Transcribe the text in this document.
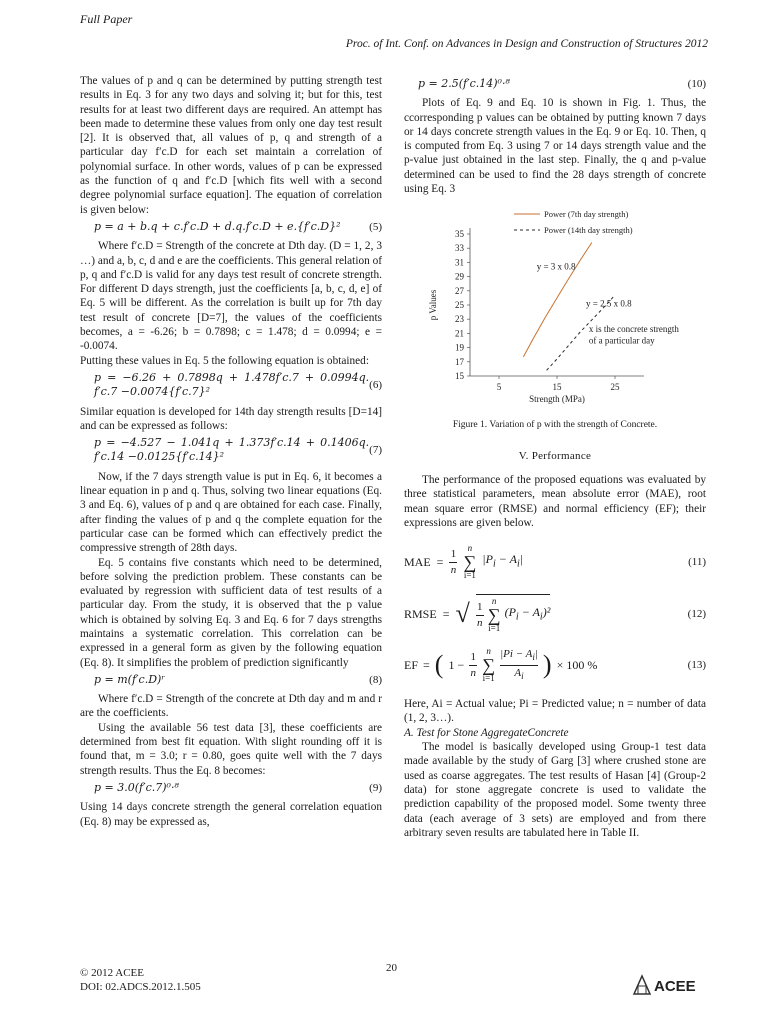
Full Paper
Proc. of Int. Conf. on Advances in Design and Construction of Structures 2012

The values of p and q can be determined by putting strength test results in Eq. 3 for any two days and solving it; but for this, test results for at least two different days are required. An attempt has been made to determine these values from only one day test result [2]. It is observed that, all values of p, q and strength of a particular day f′c.D for each set maintain a correlation of polynomial surface. In other words, values of p can be expressed as the function of q and f′c.D [which fits well with a second degree polynomial surface equation]. The equation of correlation is given below:

p = a + b.q + c.f′c.D + d.q.f′c.D + e.{f′c.D}²	(5)

Where f′c.D = Strength of the concrete at Dth day. (D = 1, 2, 3 …) and a, b, c, d and e are the coefficients. This general relation of p, q and f′c.D is valid for any days test result of concrete strength. For different D days strength, just the coefficients [a, b, c, d, e] of Eq. 5 will be different. As the correlation is built up for 7th day test result of concrete [D=7], the values of the coefficients becomes, a = -6.26; b = 0.7898; c = 1.478; d = 0.0994; e = -0.0074.

Putting these values in Eq. 5 the following equation is obtained:

p = −6.26 + 0.7898q + 1.478f′c.7 + 0.0994q. f′c.7 −0.0074{f′c.7}²
(6)

Similar equation is developed for 14th day strength results [D=14] and can be expressed as follows:

p = −4.527 − 1.041q + 1.373f′c.14 + 0.1406q. f′c.14 −0.0125{f′c.14}²
(7)

Now, if the 7 days strength value is put in Eq. 6, it becomes a linear equation in p and q. Thus, solving two linear equations (Eq. 3 and Eq. 6), values of p and q are obtained for each case. Finally, after finding the values of p and q the complete equation for the particular case can be formed which can effectively predict the compressive strength of 28th days.

Eq. 5 contains five constants which need to be determined, before solving the prediction problem. These constants can be evaluated by regression with sufficient data of test results of a particular day. From the study, it is observed that the p value which is obtained by solving Eq. 3 and Eq. 6 for 7 days strengths maintains a systematic correlation. This correlation can be expressed in a general form as given by the following equation (Eq. 8). It simplifies the problem of prediction significantly

p = m(f′c.D)ʳ	(8)

Where f′c.D = Strength of the concrete at Dth day and m and r are the coefficients.

Using the available 56 test data [3], these coefficients are determined from best fit equation. With slight rounding off it is found that, m = 3.0; r = 0.80, goes quite well with the 7 days strength results. Thus the Eq. 8 becomes:

p = 3.0(f′c.7)⁰·⁸	(9)

Using 14 days concrete strength the general correlation equation (Eq. 8) may be expressed as,

p = 2.5(f′c.14)⁰·⁸	(10)

Plots of Eq. 9 and Eq. 10 is shown in Fig. 1. Thus, the ccorresponding p values can be obtained by putting known 7 days or 14 days concrete strength values in the Eq. 9 or Eq. 10. Then, q is computed from Eq. 3 using 7 or 14 days strength value and the p-value just obtained in the last step. Finally, the q and p-value determined can be used to find the 28 days strength of concrete using Eq. 3

15
17
19
21
23
25
27
29
31
33
35
5	15	25
Strength (MPa)
p Values
Power (7th day strength)
Power (14th day strength)
y = 3 x 0.8
y = 2.5 x 0.8
x is the concrete strength
of a particular day
Figure 1. Variation of p with the strength of Concrete.
V. Performance

The performance of the proposed equations was evaluated by three statistical parameters, mean absolute error (MAE), root mean square error (RMSE) and normal efficiency (EF); their expressions are given below.

MAE = $\frac{1}{n}$ n
∑
i=1
$|P_i - A_i|$	(11)
RMSE = √ 1
n
n
∑
i=1
$(P_i - A_i)^2$	(12)
EF = ( $1 - \frac{1}{n}$ n
∑
i=1
$|Pi - A_i|$
$A_i$ ) × 100 %	(13)

Here, Ai = Actual value; Pi = Predicted value; n = number of data (1, 2, 3…).

A. Test for Stone AggregateConcrete

The model is basically developed using Group-1 test data made available by the study of Garg [3] where crushed stone are used as coarse aggregates. The test results of Hasan [4] (Group-2 data) for stone aggregate concrete is used to validate the prediction capability of the proposed model. Some twenty three data (each average of 3 sets) are employed and from there arbitrary seven results are tabulated here in Table II.

© 2012 ACEE
DOI: 02.ADCS.2012.1.505
20
ACEE
